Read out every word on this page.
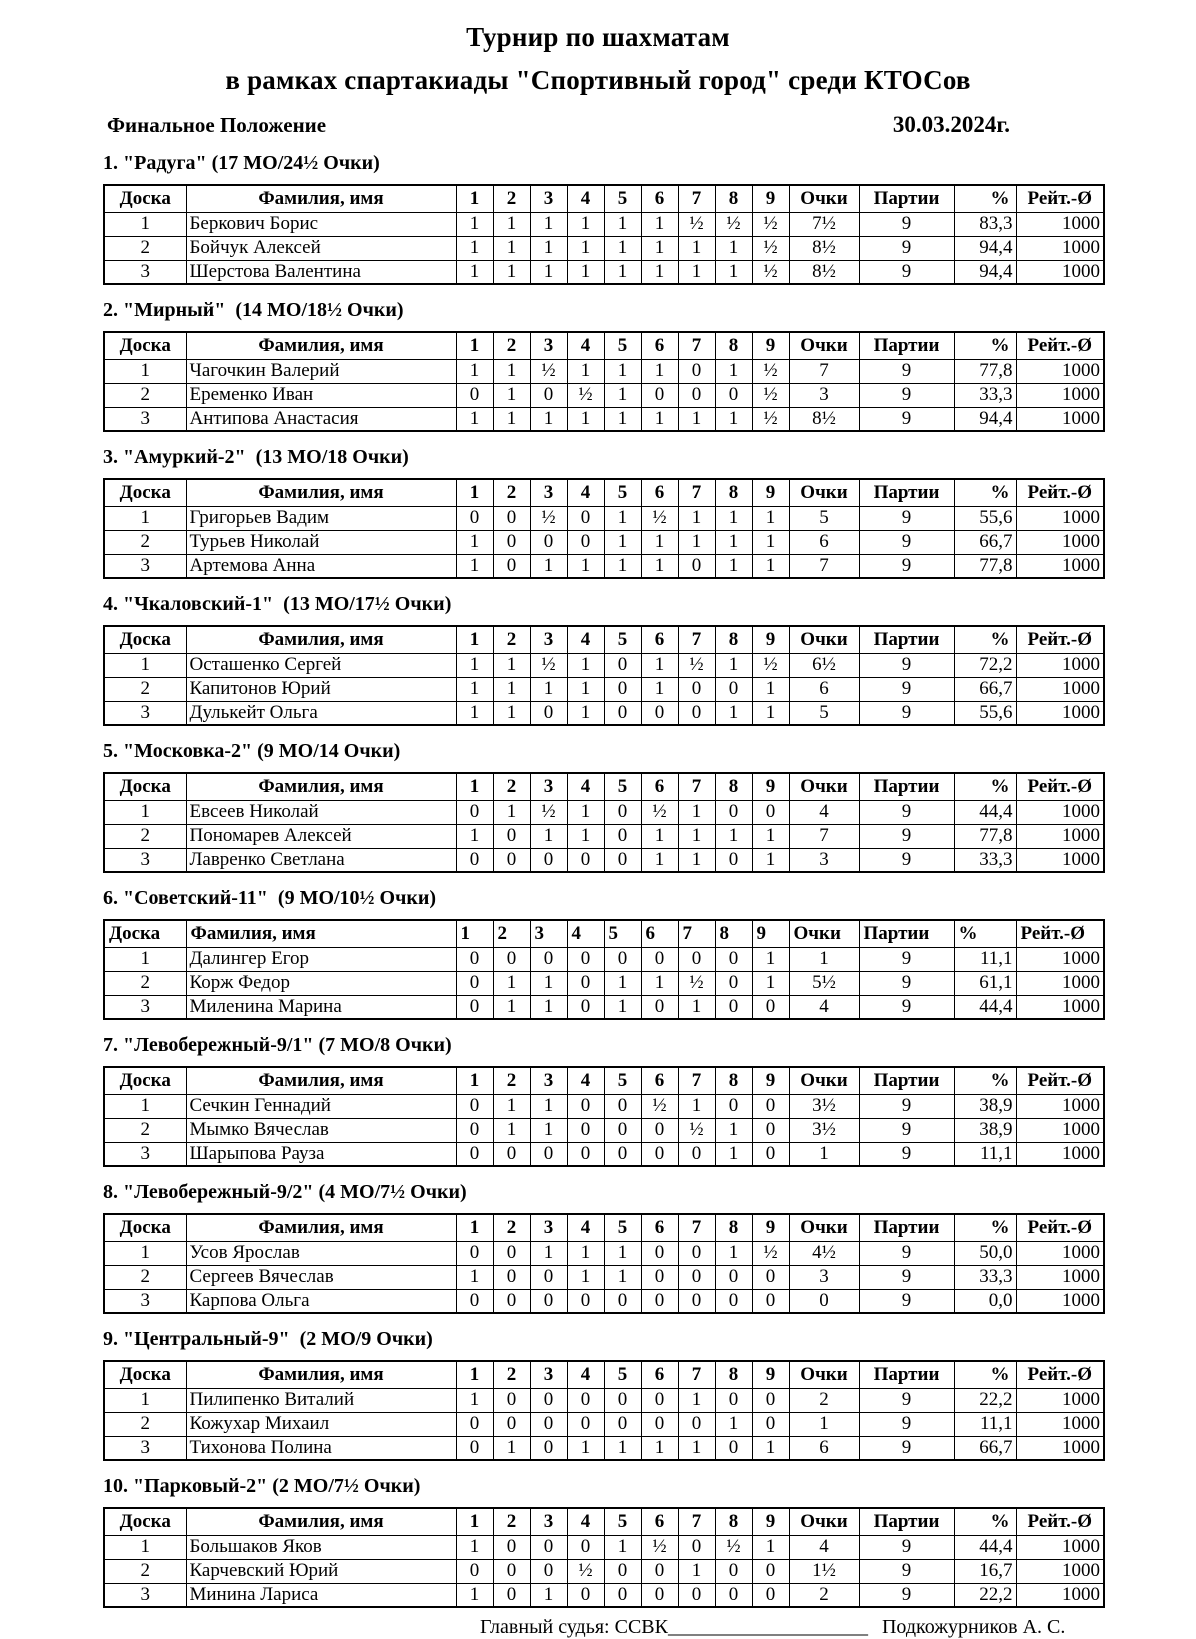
Турнир по шахматам
в рамках спартакиады "Спортивный город" среди КТОСов
Финальное Положение	30.03.2024г.
1. "Радуга" (17 МО/24½ Очки)
Доска	Фамилия, имя	1	2	3	4	5	6	7	8	9	Очки	Партии	%	Рейт.-Ø
1	Беркович Борис	1	1	1	1	1	1	½	½	½	7½	9	83,3	1000
2	Бойчук Алексей	1	1	1	1	1	1	1	1	½	8½	9	94,4	1000
3	Шерстова Валентина	1	1	1	1	1	1	1	1	½	8½	9	94,4	1000
2. "Мирный"  (14 МО/18½ Очки)
Доска	Фамилия, имя	1	2	3	4	5	6	7	8	9	Очки	Партии	%	Рейт.-Ø
1	Чагочкин Валерий	1	1	½	1	1	1	0	1	½	7	9	77,8	1000
2	Еременко Иван	0	1	0	½	1	0	0	0	½	3	9	33,3	1000
3	Антипова Анастасия	1	1	1	1	1	1	1	1	½	8½	9	94,4	1000
3. "Амуркий-2"  (13 МО/18 Очки)
Доска	Фамилия, имя	1	2	3	4	5	6	7	8	9	Очки	Партии	%	Рейт.-Ø
1	Григорьев Вадим	0	0	½	0	1	½	1	1	1	5	9	55,6	1000
2	Турьев Николай	1	0	0	0	1	1	1	1	1	6	9	66,7	1000
3	Артемова Анна	1	0	1	1	1	1	0	1	1	7	9	77,8	1000
4. "Чкаловский-1"  (13 МО/17½ Очки)
Доска	Фамилия, имя	1	2	3	4	5	6	7	8	9	Очки	Партии	%	Рейт.-Ø
1	Осташенко Сергей	1	1	½	1	0	1	½	1	½	6½	9	72,2	1000
2	Капитонов Юрий	1	1	1	1	0	1	0	0	1	6	9	66,7	1000
3	Дулькейт Ольга	1	1	0	1	0	0	0	1	1	5	9	55,6	1000
5. "Московка-2" (9 МО/14 Очки)
Доска	Фамилия, имя	1	2	3	4	5	6	7	8	9	Очки	Партии	%	Рейт.-Ø
1	Евсеев Николай	0	1	½	1	0	½	1	0	0	4	9	44,4	1000
2	Пономарев Алексей	1	0	1	1	0	1	1	1	1	7	9	77,8	1000
3	Лавренко Светлана	0	0	0	0	0	1	1	0	1	3	9	33,3	1000
6. "Советский-11"  (9 МО/10½ Очки)
Доска	Фамилия, имя	1	2	3	4	5	6	7	8	9	Очки	Партии	%	Рейт.-Ø
1	Далингер Егор	0	0	0	0	0	0	0	0	1	1	9	11,1	1000
2	Корж Федор	0	1	1	0	1	1	½	0	1	5½	9	61,1	1000
3	Миленина Марина	0	1	1	0	1	0	1	0	0	4	9	44,4	1000
7. "Левобережный-9/1" (7 МО/8 Очки)
Доска	Фамилия, имя	1	2	3	4	5	6	7	8	9	Очки	Партии	%	Рейт.-Ø
1	Сечкин Геннадий	0	1	1	0	0	½	1	0	0	3½	9	38,9	1000
2	Мымко Вячеслав	0	1	1	0	0	0	½	1	0	3½	9	38,9	1000
3	Шарыпова Рауза	0	0	0	0	0	0	0	1	0	1	9	11,1	1000
8. "Левобережный-9/2" (4 МО/7½ Очки)
Доска	Фамилия, имя	1	2	3	4	5	6	7	8	9	Очки	Партии	%	Рейт.-Ø
1	Усов Ярослав	0	0	1	1	1	0	0	1	½	4½	9	50,0	1000
2	Сергеев Вячеслав	1	0	0	1	1	0	0	0	0	3	9	33,3	1000
3	Карпова Ольга	0	0	0	0	0	0	0	0	0	0	9	0,0	1000
9. "Центральный-9"  (2 МО/9 Очки)
Доска	Фамилия, имя	1	2	3	4	5	6	7	8	9	Очки	Партии	%	Рейт.-Ø
1	Пилипенко Виталий	1	0	0	0	0	0	1	0	0	2	9	22,2	1000
2	Кожухар Михаил	0	0	0	0	0	0	0	1	0	1	9	11,1	1000
3	Тихонова Полина	0	1	0	1	1	1	1	0	1	6	9	66,7	1000
10. "Парковый-2" (2 МО/7½ Очки)
Доска	Фамилия, имя	1	2	3	4	5	6	7	8	9	Очки	Партии	%	Рейт.-Ø
1	Большаков Яков	1	0	0	0	1	½	0	½	1	4	9	44,4	1000
2	Карчевский Юрий	0	0	0	½	0	0	1	0	0	1½	9	16,7	1000
3	Минина Лариса	1	0	1	0	0	0	0	0	0	2	9	22,2	1000
Главный судья: ССВК____________________ Подкожурников А. С.
